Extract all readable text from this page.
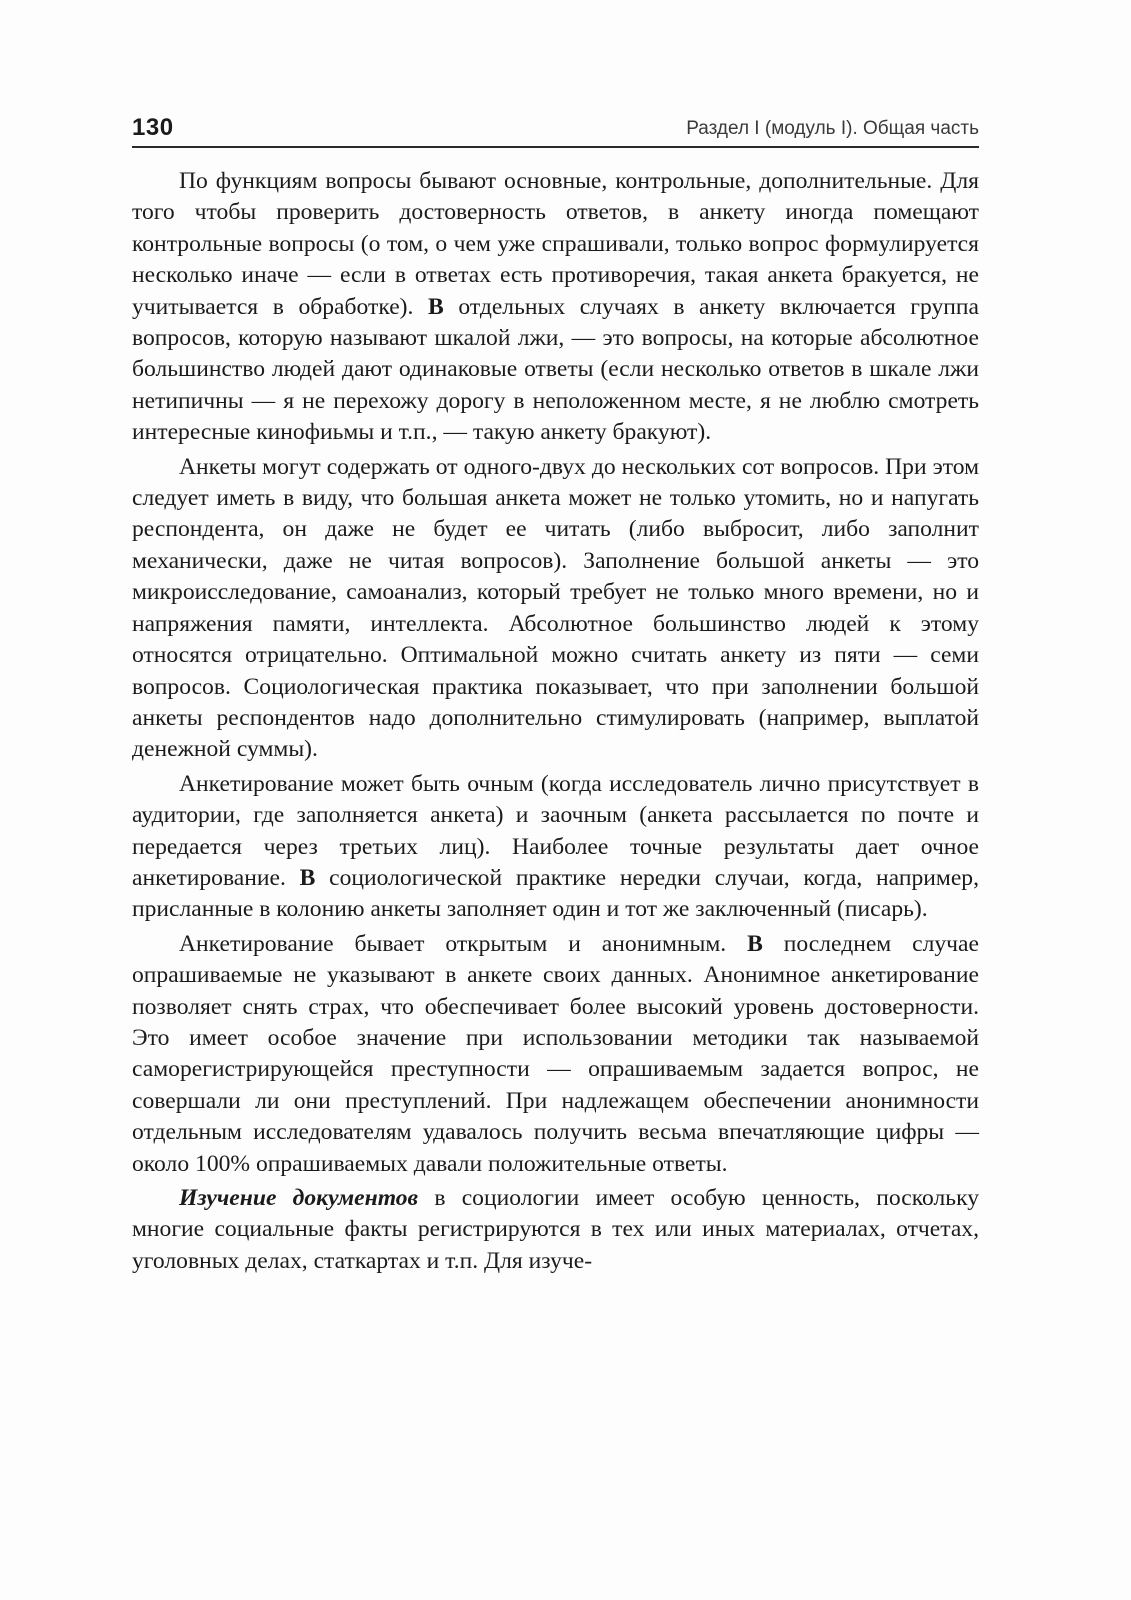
130	Раздел I (модуль I). Общая часть

По функциям вопросы бывают основные, контрольные, дополнительные. Для того чтобы проверить достоверность ответов, в анкету иногда помещают контрольные вопросы (о том, о чем уже спрашивали, только вопрос формулируется несколько иначе — если в ответах есть противоречия, такая анкета бракуется, не учитывается в обработке). В отдельных случаях в анкету включается группа вопросов, которую называют шкалой лжи, — это вопросы, на которые абсолютное большинство людей дают одинаковые ответы (если несколько ответов в шкале лжи нетипичны — я не перехожу дорогу в неположенном месте, я не люблю смотреть интересные кинофиьмы и т.п., — такую анкету бракуют).

Анкеты могут содержать от одного-двух до нескольких сот вопросов. При этом следует иметь в виду, что большая анкета может не только утомить, но и напугать респондента, он даже не будет ее читать (либо выбросит, либо заполнит механически, даже не читая вопросов). Заполнение большой анкеты — это микроисследование, самоанализ, который требует не только много времени, но и напряжения памяти, интеллекта. Абсолютное большинство людей к этому относятся отрицательно. Оптимальной можно считать анкету из пяти — семи вопросов. Социологическая практика показывает, что при заполнении большой анкеты респондентов надо дополнительно стимулировать (например, выплатой денежной суммы).

Анкетирование может быть очным (когда исследователь лично присутствует в аудитории, где заполняется анкета) и заочным (анкета рассылается по почте и передается через третьих лиц). Наиболее точные результаты дает очное анкетирование. В социологической практике нередки случаи, когда, например, присланные в колонию анкеты заполняет один и тот же заключенный (писарь).

Анкетирование бывает открытым и анонимным. В последнем случае опрашиваемые не указывают в анкете своих данных. Анонимное анкетирование позволяет снять страх, что обеспечивает более высокий уровень достоверности. Это имеет особое значение при использовании методики так называемой саморегистрирующейся преступности — опрашиваемым задается вопрос, не совершали ли они преступлений. При надлежащем обеспечении анонимности отдельным исследователям удавалось получить весьма впечатляющие цифры — около 100% опрашиваемых давали положительные ответы.

Изучение документов в социологии имеет особую ценность, поскольку многие социальные факты регистрируются в тех или иных материалах, отчетах, уголовных делах, статкартах и т.п. Для изуче-
